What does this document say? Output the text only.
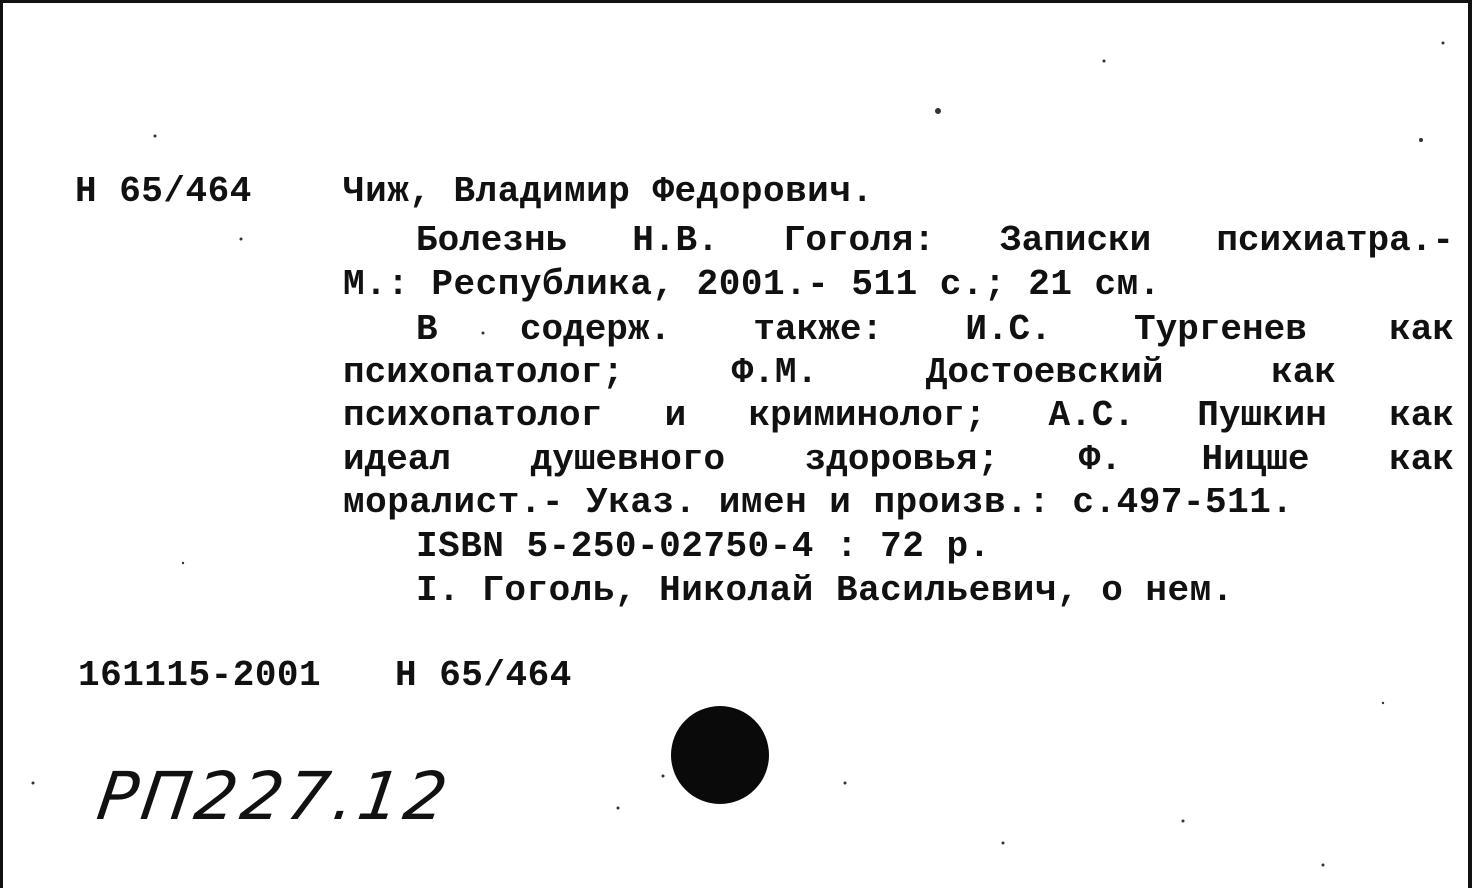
Н 65/464	Чиж, Владимир Федорович.
Болезнь Н.В. Гоголя: Записки психиатра.-
М.: Республика, 2001.- 511 с.; 21 см.
В содерж. также: И.С. Тургенев как
психопатолог;	Ф.М.	Достоевский	как
психопатолог и криминолог; А.С. Пушкин как
идеал душевного здоровья; Ф. Ницше как
моралист.- Указ. имен и произв.: с.497-511.
ISBN 5-250-02750-4 : 72 р.
I. Гоголь, Николай Васильевич, о нем.
161115-2001 Н 65/464
РП227.12
